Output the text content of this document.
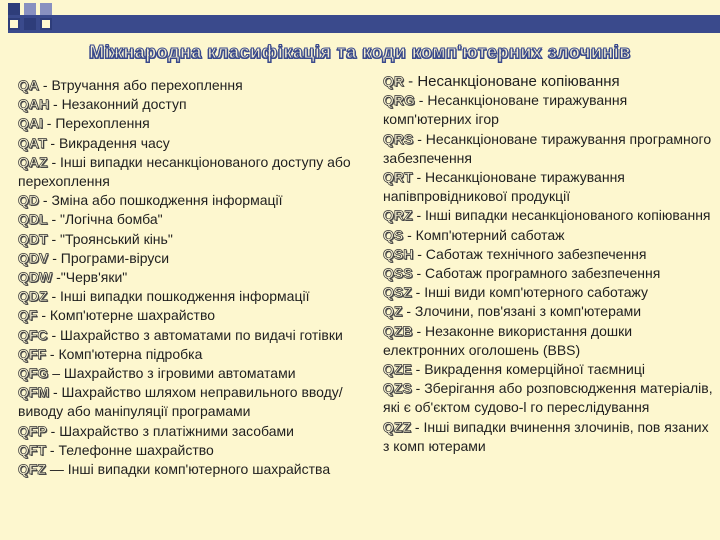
Міжнародна класифікація та коди комп'ютерних злочинів
QA - Втручання або перехоплення
QAH - Незаконний доступ
QAI - Перехоплення
QAT - Викрадення часу
QAZ - Інші випадки несанкціонованого доступу або перехоплення
QD - Зміна або пошкодження інформації
QDL - "Логічна бомба"
QDT - "Троянський кінь"
QDV - Програми-віруси
QDW -"Черв'яки"
QDZ - Інші випадки пошкодження інформації
QF - Комп'ютерне шахрайство
QFC - Шахрайство з автоматами по видачі готівки
QFF - Комп'ютерна підробка
QFG – Шахрайство з ігровими автоматами
QFM - Шахрайство шляхом неправильного вводу/виводу або маніпуляції програмами
QFP - Шахрайство з платіжними засобами
QFT - Телефонне шахрайство
QFZ — Інші випадки комп'ютерного шахрайства
QR - Несанкціоноване копіювання
QRG - Несанкціоноване тиражування комп'ютерних ігор
QRS - Несанкціоноване тиражування програмного забезпечення
QRT - Несанкціоноване тиражування напівпровідникової продукції
QRZ - Інші випадки несанкціонованого копіювання
QS - Комп'ютерний саботаж
QSH - Саботаж технічного забезпечення
QSS - Саботаж програмного забезпечення
QSZ - Інші види комп'ютерного саботажу
QZ - Злочини, пов'язані з комп'ютерами
QZB - Незаконне використання дошки електронних оголошень (BBS)
QZE - Викрадення комерційної таємниці
QZS - Зберігання або розповсюдження матеріалів, які є об'єктом судово-l го переслідування
QZZ - Інші випадки вчинення злочинів, пов язаних з комп ютерами
